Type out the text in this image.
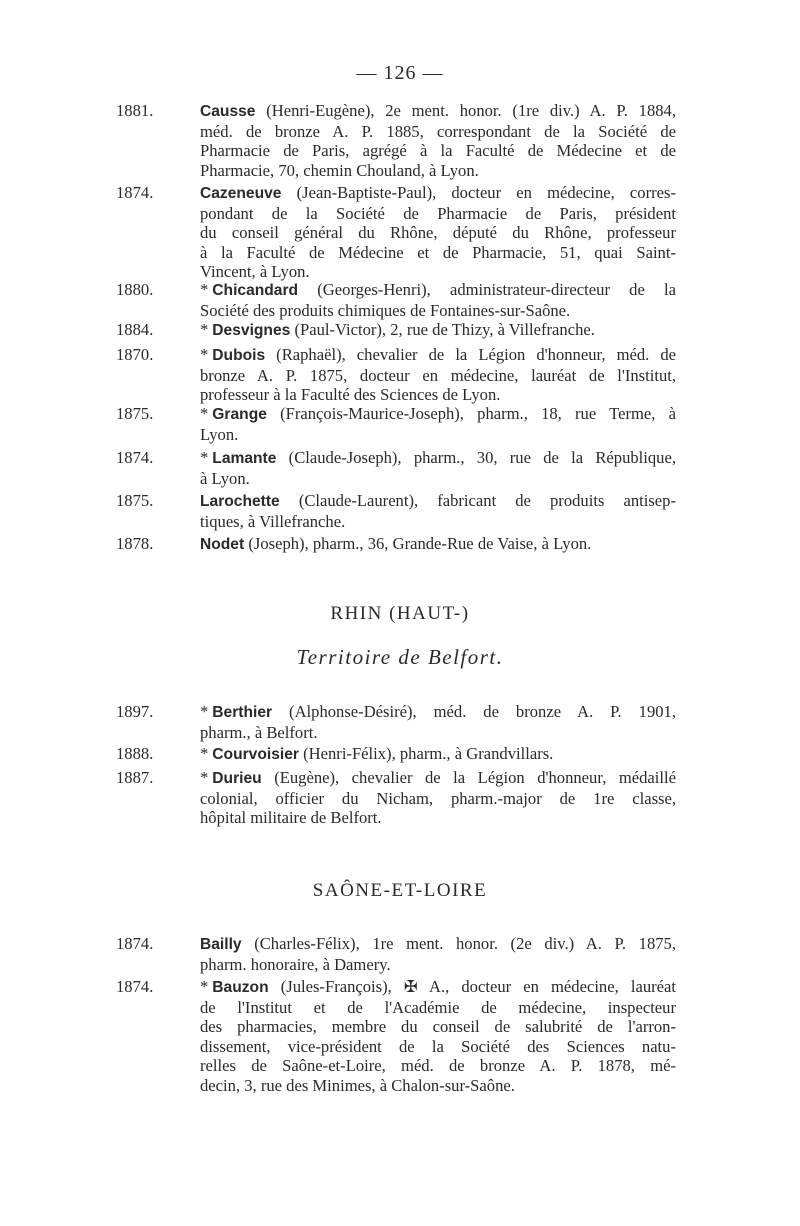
— 126 —
1881.	Causse (Henri-Eugène), 2e ment. honor. (1re div.) A. P. 1884,
méd. de bronze A. P. 1885, correspondant de la Société de
Pharmacie de Paris, agrégé à la Faculté de Médecine et de
Pharmacie, 70, chemin Chouland, à Lyon.
1874.	Cazeneuve (Jean-Baptiste-Paul), docteur en médecine, corres-
pondant de la Société de Pharmacie de Paris, président
du conseil général du Rhône, député du Rhône, professeur
à la Faculté de Médecine et de Pharmacie, 51, quai Saint-
Vincent, à Lyon.
1880.	* Chicandard (Georges-Henri), administrateur-directeur de la
Société des produits chimiques de Fontaines-sur-Saône.
1884.	* Desvignes (Paul-Victor), 2, rue de Thizy, à Villefranche.
1870.	* Dubois (Raphaël), chevalier de la Légion d'honneur, méd. de
bronze A. P. 1875, docteur en médecine, lauréat de l'Institut,
professeur à la Faculté des Sciences de Lyon.
1875.	* Grange (François-Maurice-Joseph), pharm., 18, rue Terme, à
Lyon.
1874.	* Lamante (Claude-Joseph), pharm., 30, rue de la République,
à Lyon.
1875.	Larochette (Claude-Laurent), fabricant de produits antisep-
tiques, à Villefranche.
1878.	Nodet (Joseph), pharm., 36, Grande-Rue de Vaise, à Lyon.
RHIN (HAUT-)
Territoire de Belfort.
1897.	* Berthier (Alphonse-Désiré), méd. de bronze A. P. 1901,
pharm., à Belfort.
1888.	* Courvoisier (Henri-Félix), pharm., à Grandvillars.
1887.	* Durieu (Eugène), chevalier de la Légion d'honneur, médaillé
colonial, officier du Nicham, pharm.-major de 1re classe,
hôpital militaire de Belfort.
SAÔNE-ET-LOIRE
1874.	Bailly (Charles-Félix), 1re ment. honor. (2e div.) A. P. 1875,
pharm. honoraire, à Damery.
1874.	* Bauzon (Jules-François), ✠ A., docteur en médecine, lauréat
de l'Institut et de l'Académie de médecine, inspecteur
des pharmacies, membre du conseil de salubrité de l'arron-
dissement, vice-président de la Société des Sciences natu-
relles de Saône-et-Loire, méd. de bronze A. P. 1878, mé-
decin, 3, rue des Minimes, à Chalon-sur-Saône.
